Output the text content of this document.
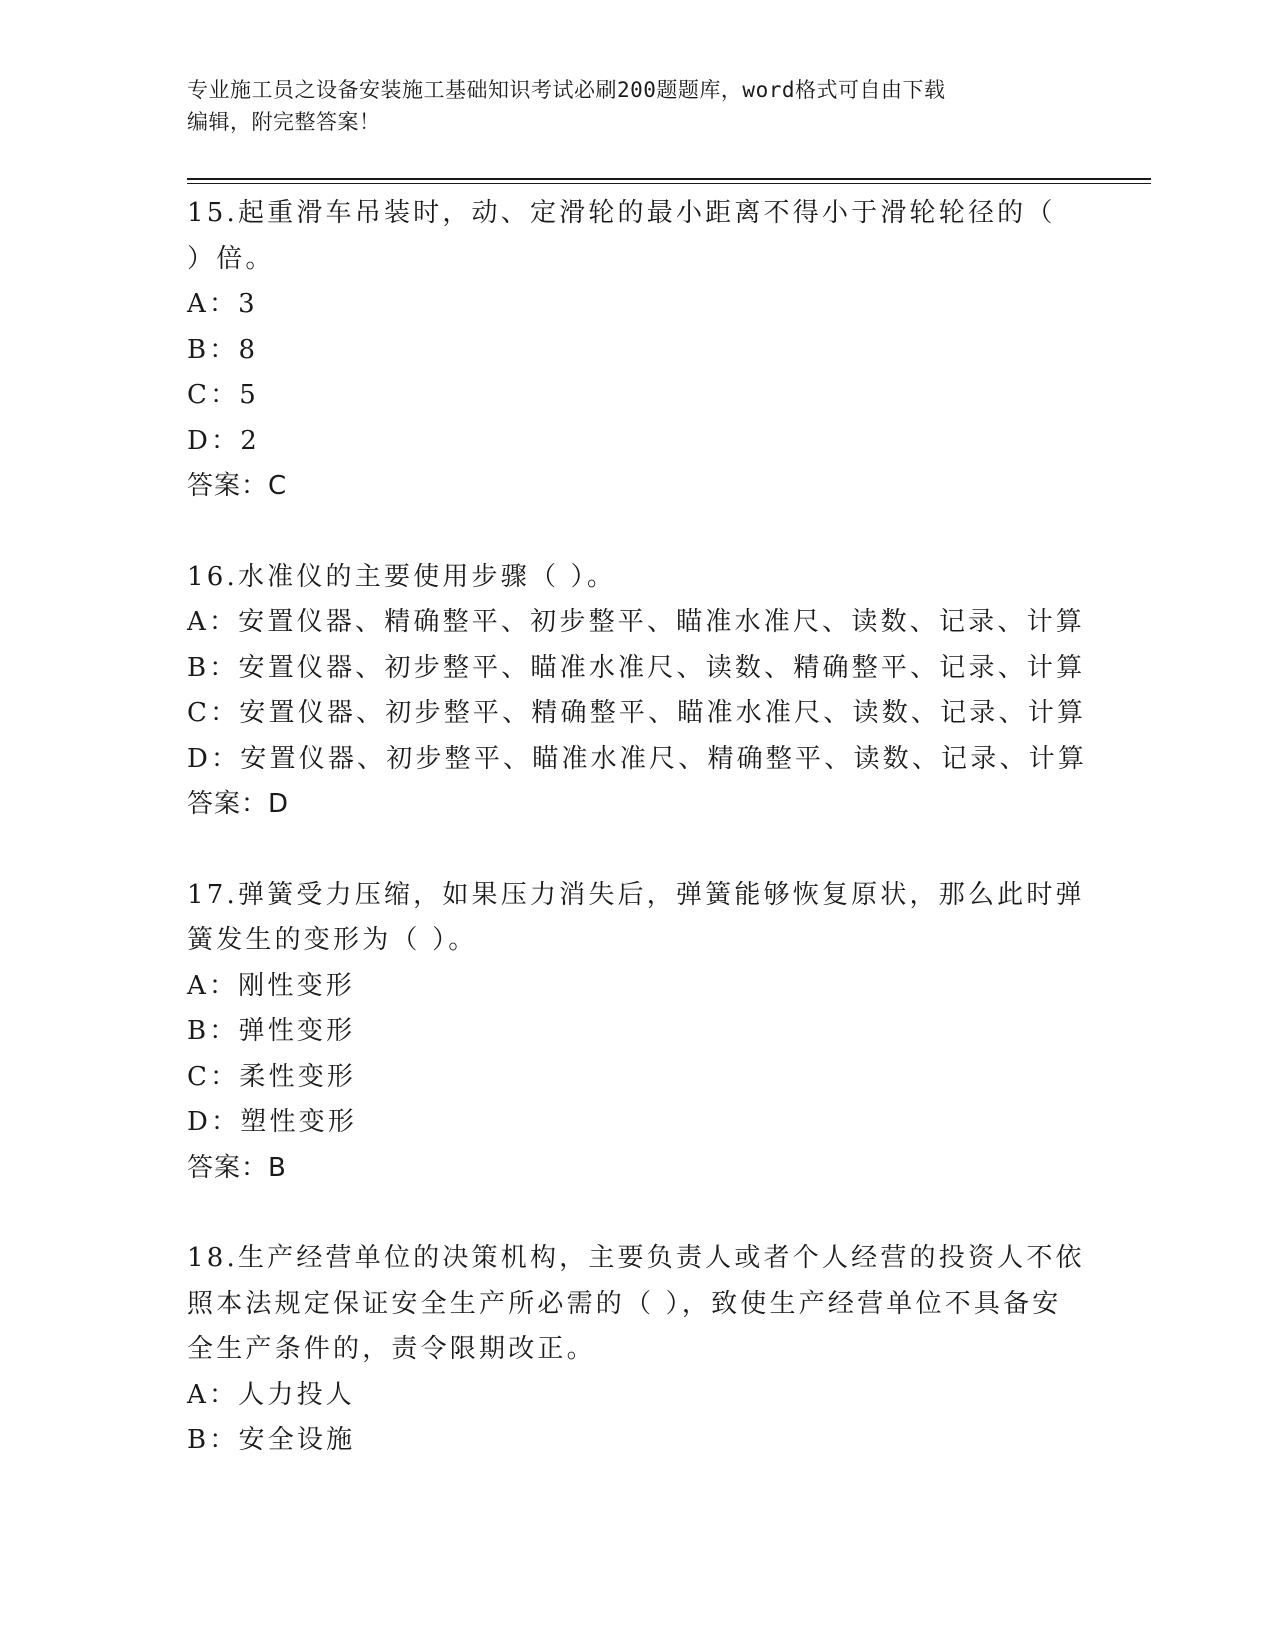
专业施工员之设备安装施工基础知识考试必刷200题题库，word格式可自由下载
编辑，附完整答案！
15.起重滑车吊装时，动、定滑轮的最小距离不得小于滑轮轮径的（
）倍。
A：3
B：8
C：5
D：2
答案：C
16.水准仪的主要使用步骤（ ）。
A：安置仪器、精确整平、初步整平、瞄准水准尺、读数、记录、计算
B：安置仪器、初步整平、瞄准水准尺、读数、精确整平、记录、计算
C：安置仪器、初步整平、精确整平、瞄准水准尺、读数、记录、计算
D：安置仪器、初步整平、瞄准水准尺、精确整平、读数、记录、计算
答案：D
17.弹簧受力压缩，如果压力消失后，弹簧能够恢复原状，那么此时弹
簧发生的变形为（ ）。
A：刚性变形
B：弹性变形
C：柔性变形
D：塑性变形
答案：B
18.生产经营单位的决策机构，主要负责人或者个人经营的投资人不依
照本法规定保证安全生产所必需的（ ），致使生产经营单位不具备安
全生产条件的，责令限期改正。
A：人力投人
B：安全设施
